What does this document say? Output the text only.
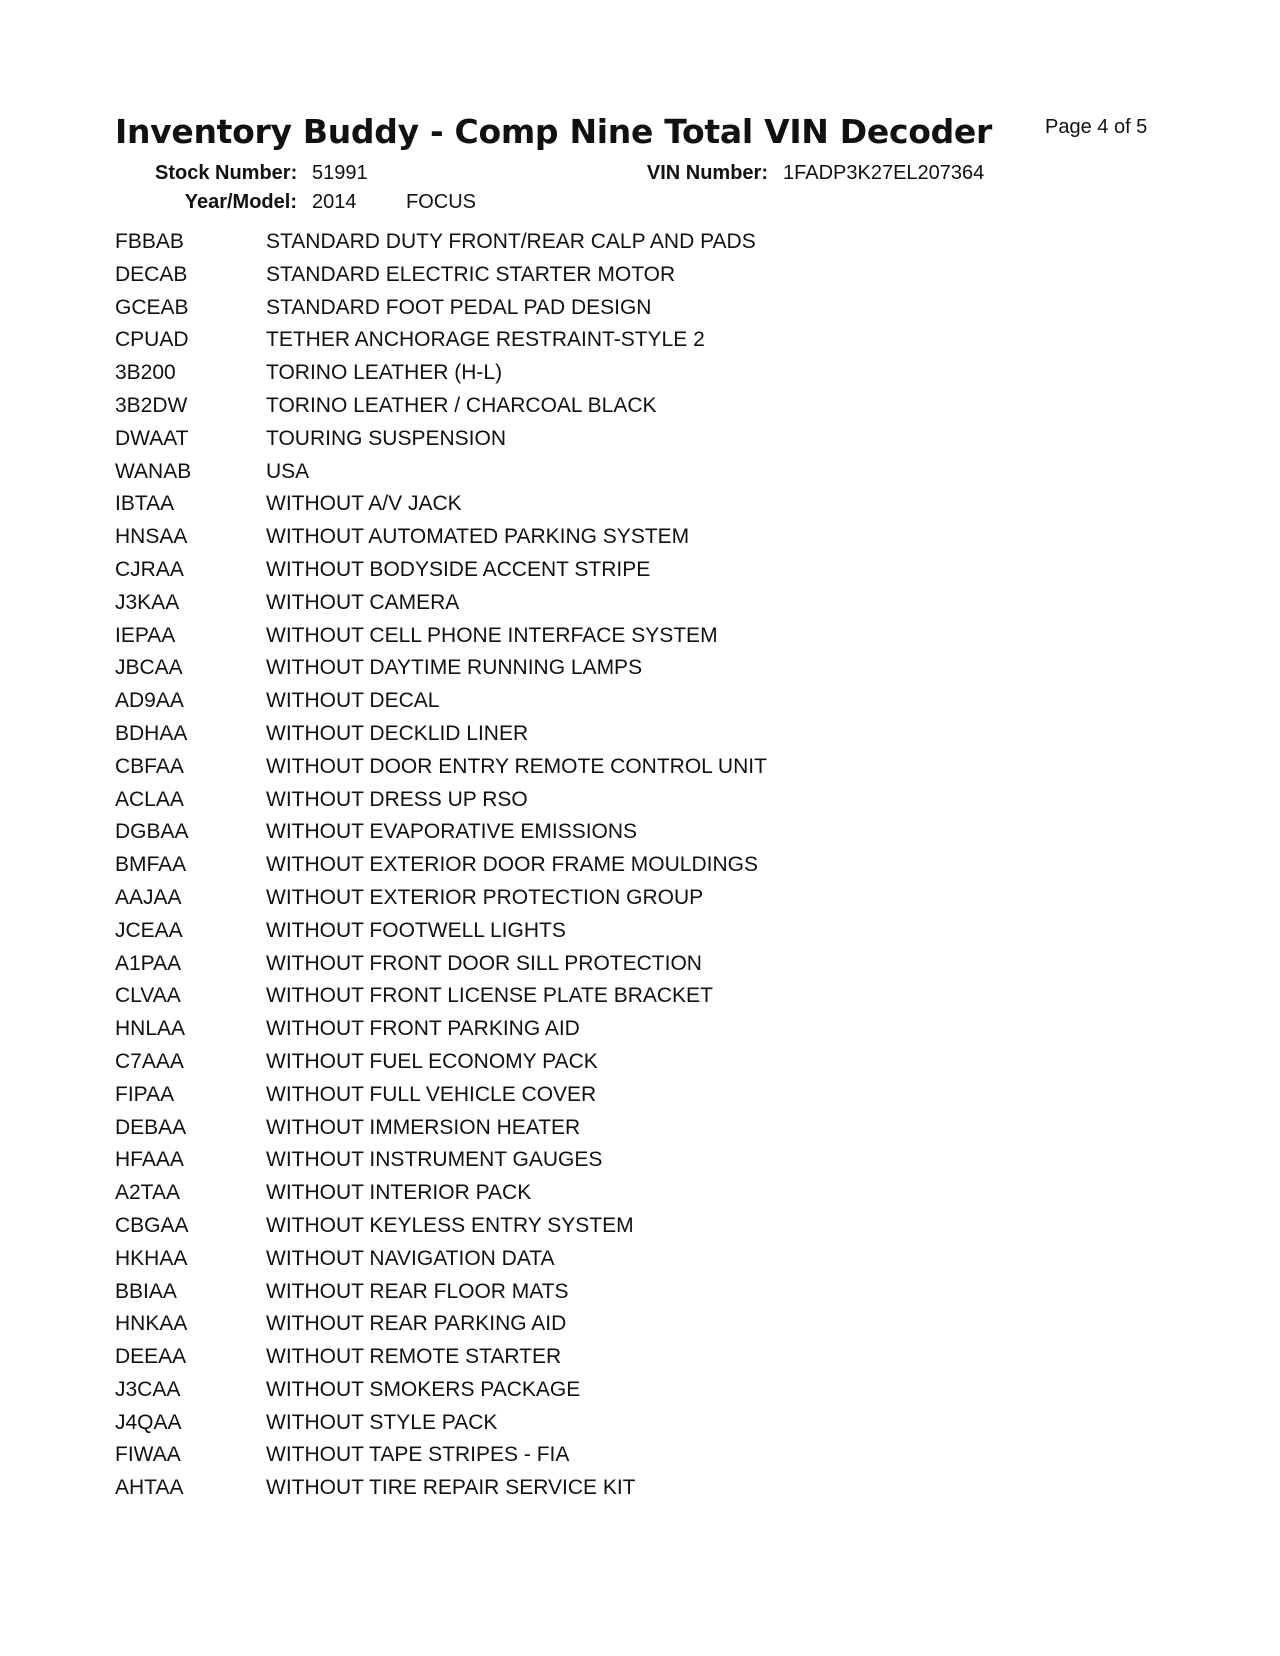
Inventory Buddy - Comp Nine Total VIN Decoder	Page 4 of 5
Stock Number: 51991	VIN Number: 1FADP3K27EL207364
Year/Model: 2014 FOCUS
FBBAB	STANDARD DUTY FRONT/REAR CALP AND PADS
DECAB	STANDARD ELECTRIC STARTER MOTOR
GCEAB	STANDARD FOOT PEDAL PAD DESIGN
CPUAD	TETHER ANCHORAGE RESTRAINT-STYLE 2
3B200	TORINO LEATHER (H-L)
3B2DW	TORINO LEATHER / CHARCOAL BLACK
DWAAT	TOURING SUSPENSION
WANAB	USA
IBTAA	WITHOUT A/V JACK
HNSAA	WITHOUT AUTOMATED PARKING SYSTEM
CJRAA	WITHOUT BODYSIDE ACCENT STRIPE
J3KAA	WITHOUT CAMERA
IEPAA	WITHOUT CELL PHONE INTERFACE SYSTEM
JBCAA	WITHOUT DAYTIME RUNNING LAMPS
AD9AA	WITHOUT DECAL
BDHAA	WITHOUT DECKLID LINER
CBFAA	WITHOUT DOOR ENTRY REMOTE CONTROL UNIT
ACLAA	WITHOUT DRESS UP RSO
DGBAA	WITHOUT EVAPORATIVE EMISSIONS
BMFAA	WITHOUT EXTERIOR DOOR FRAME MOULDINGS
AAJAA	WITHOUT EXTERIOR PROTECTION GROUP
JCEAA	WITHOUT FOOTWELL LIGHTS
A1PAA	WITHOUT FRONT DOOR SILL PROTECTION
CLVAA	WITHOUT FRONT LICENSE PLATE BRACKET
HNLAA	WITHOUT FRONT PARKING AID
C7AAA	WITHOUT FUEL ECONOMY PACK
FIPAA	WITHOUT FULL VEHICLE COVER
DEBAA	WITHOUT IMMERSION HEATER
HFAAA	WITHOUT INSTRUMENT GAUGES
A2TAA	WITHOUT INTERIOR PACK
CBGAA	WITHOUT KEYLESS ENTRY SYSTEM
HKHAA	WITHOUT NAVIGATION DATA
BBIAA	WITHOUT REAR FLOOR MATS
HNKAA	WITHOUT REAR PARKING AID
DEEAA	WITHOUT REMOTE STARTER
J3CAA	WITHOUT SMOKERS PACKAGE
J4QAA	WITHOUT STYLE PACK
FIWAA	WITHOUT TAPE STRIPES - FIA
AHTAA	WITHOUT TIRE REPAIR SERVICE KIT
